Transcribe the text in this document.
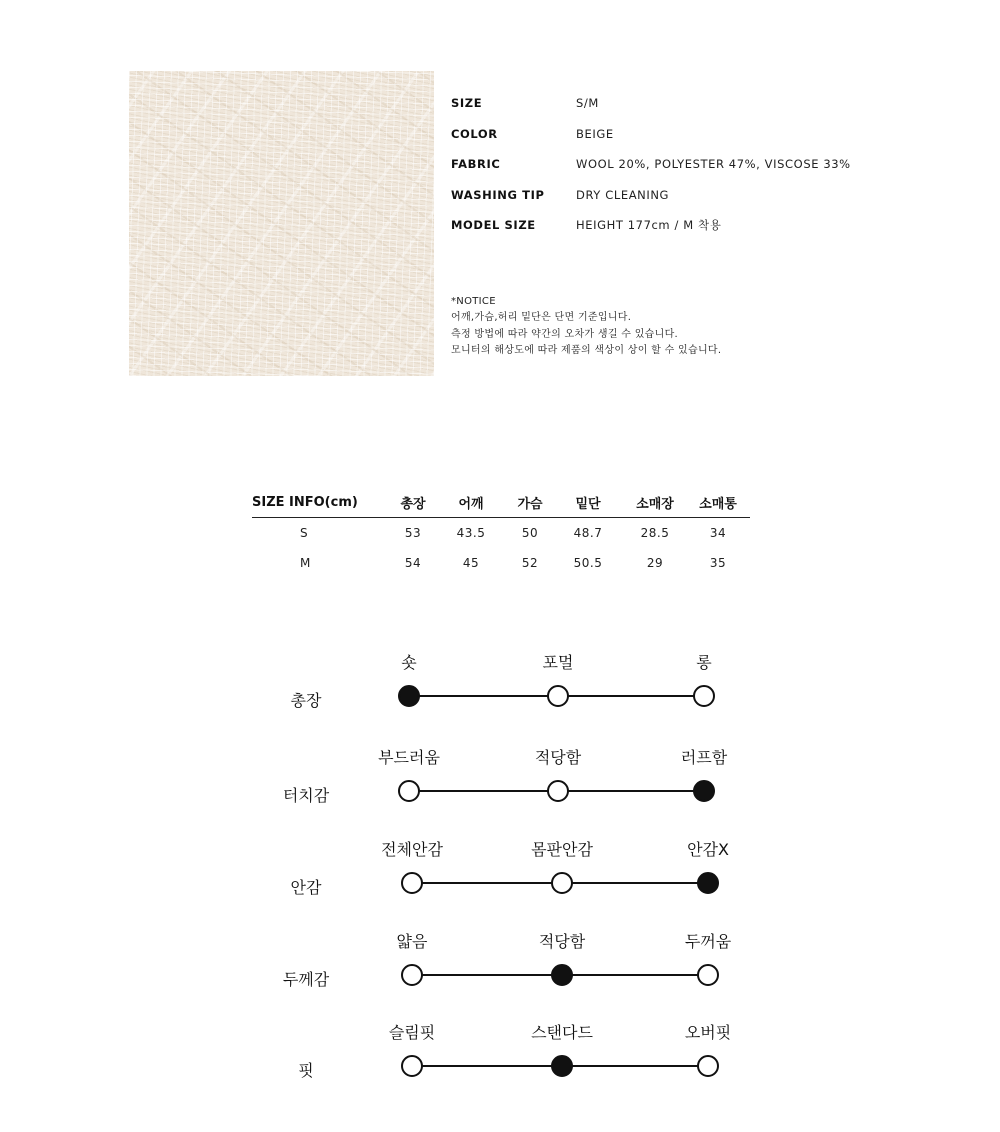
SIZE	S/M
COLOR	BEIGE
FABRIC	WOOL 20%, POLYESTER 47%, VISCOSE 33%
WASHING TIP	DRY CLEANING
MODEL SIZE	HEIGHT 177cm / M 착용
*NOTICE
어깨,가슴,허리 밑단은 단면 기준입니다.
측정 방법에 따라 약간의 오차가 생길 수 있습니다.
모니터의 해상도에 따라 제품의 색상이 상이 할 수 있습니다.
SIZE INFO(cm)	총장	어깨	가슴	밑단	소매장	소매통
S	53	43.5	50	48.7	28.5	34
M	54	45	52	50.5	29	35
총장
숏	포멀	롱
터치감
부드러움	적당함	러프함
안감
전체안감	몸판안감	안감X
두께감
얇음	적당함	두꺼움
핏
슬림핏	스탠다드	오버핏
